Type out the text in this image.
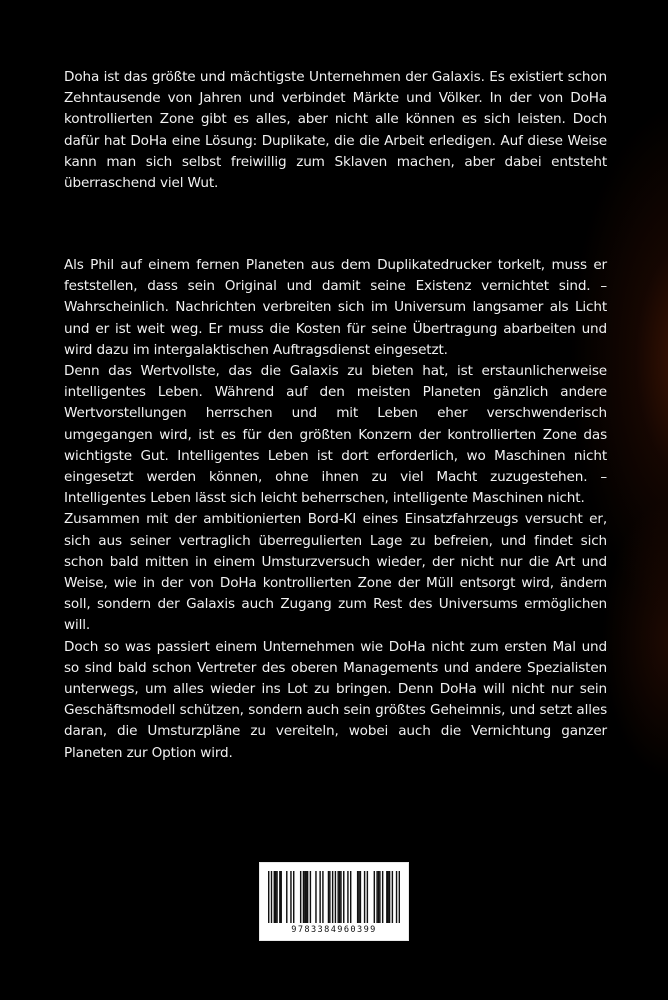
Doha ist das größte und mächtigste Unternehmen der Galaxis. Es existiert schon Zehntausende von Jahren und verbindet Märkte und Völker. In der von DoHa kontrollierten Zone gibt es alles, aber nicht alle können es sich leisten. Doch dafür hat DoHa eine Lösung: Duplikate, die die Arbeit erledigen. Auf diese Weise kann man sich selbst freiwillig zum Sklaven machen, aber dabei entsteht überraschend viel Wut.

Als Phil auf einem fernen Planeten aus dem Duplikatedrucker torkelt, muss er feststellen, dass sein Original und damit seine Existenz vernichtet sind. – Wahrscheinlich. Nachrichten verbreiten sich im Universum langsamer als Licht und er ist weit weg. Er muss die Kosten für seine Übertragung abarbeiten und wird dazu im intergalaktischen Auftragsdienst eingesetzt.

Denn das Wertvollste, das die Galaxis zu bieten hat, ist erstaunlicherweise intelligentes Leben. Während auf den meisten Planeten gänzlich andere Wertvorstellungen herrschen und mit Leben eher verschwenderisch umgegangen wird, ist es für den größten Konzern der kontrollierten Zone das wichtigste Gut. Intelligentes Leben ist dort erforderlich, wo Maschinen nicht eingesetzt werden können, ohne ihnen zu viel Macht zuzugestehen. – Intelligentes Leben lässt sich leicht beherrschen, intelligente Maschinen nicht.

Zusammen mit der ambitionierten Bord-KI eines Einsatzfahrzeugs versucht er, sich aus seiner vertraglich überregulierten Lage zu befreien, und findet sich schon bald mitten in einem Umsturzversuch wieder, der nicht nur die Art und Weise, wie in der von DoHa kontrollierten Zone der Müll entsorgt wird, ändern soll, sondern der Galaxis auch Zugang zum Rest des Universums ermöglichen will.

Doch so was passiert einem Unternehmen wie DoHa nicht zum ersten Mal und so sind bald schon Vertreter des oberen Managements und andere Spezialisten unterwegs, um alles wieder ins Lot zu bringen. Denn DoHa will nicht nur sein Geschäftsmodell schützen, sondern auch sein größtes Geheimnis, und setzt alles daran, die Umsturzpläne zu vereiteln, wobei auch die Vernichtung ganzer Planeten zur Option wird.

9783384960399
